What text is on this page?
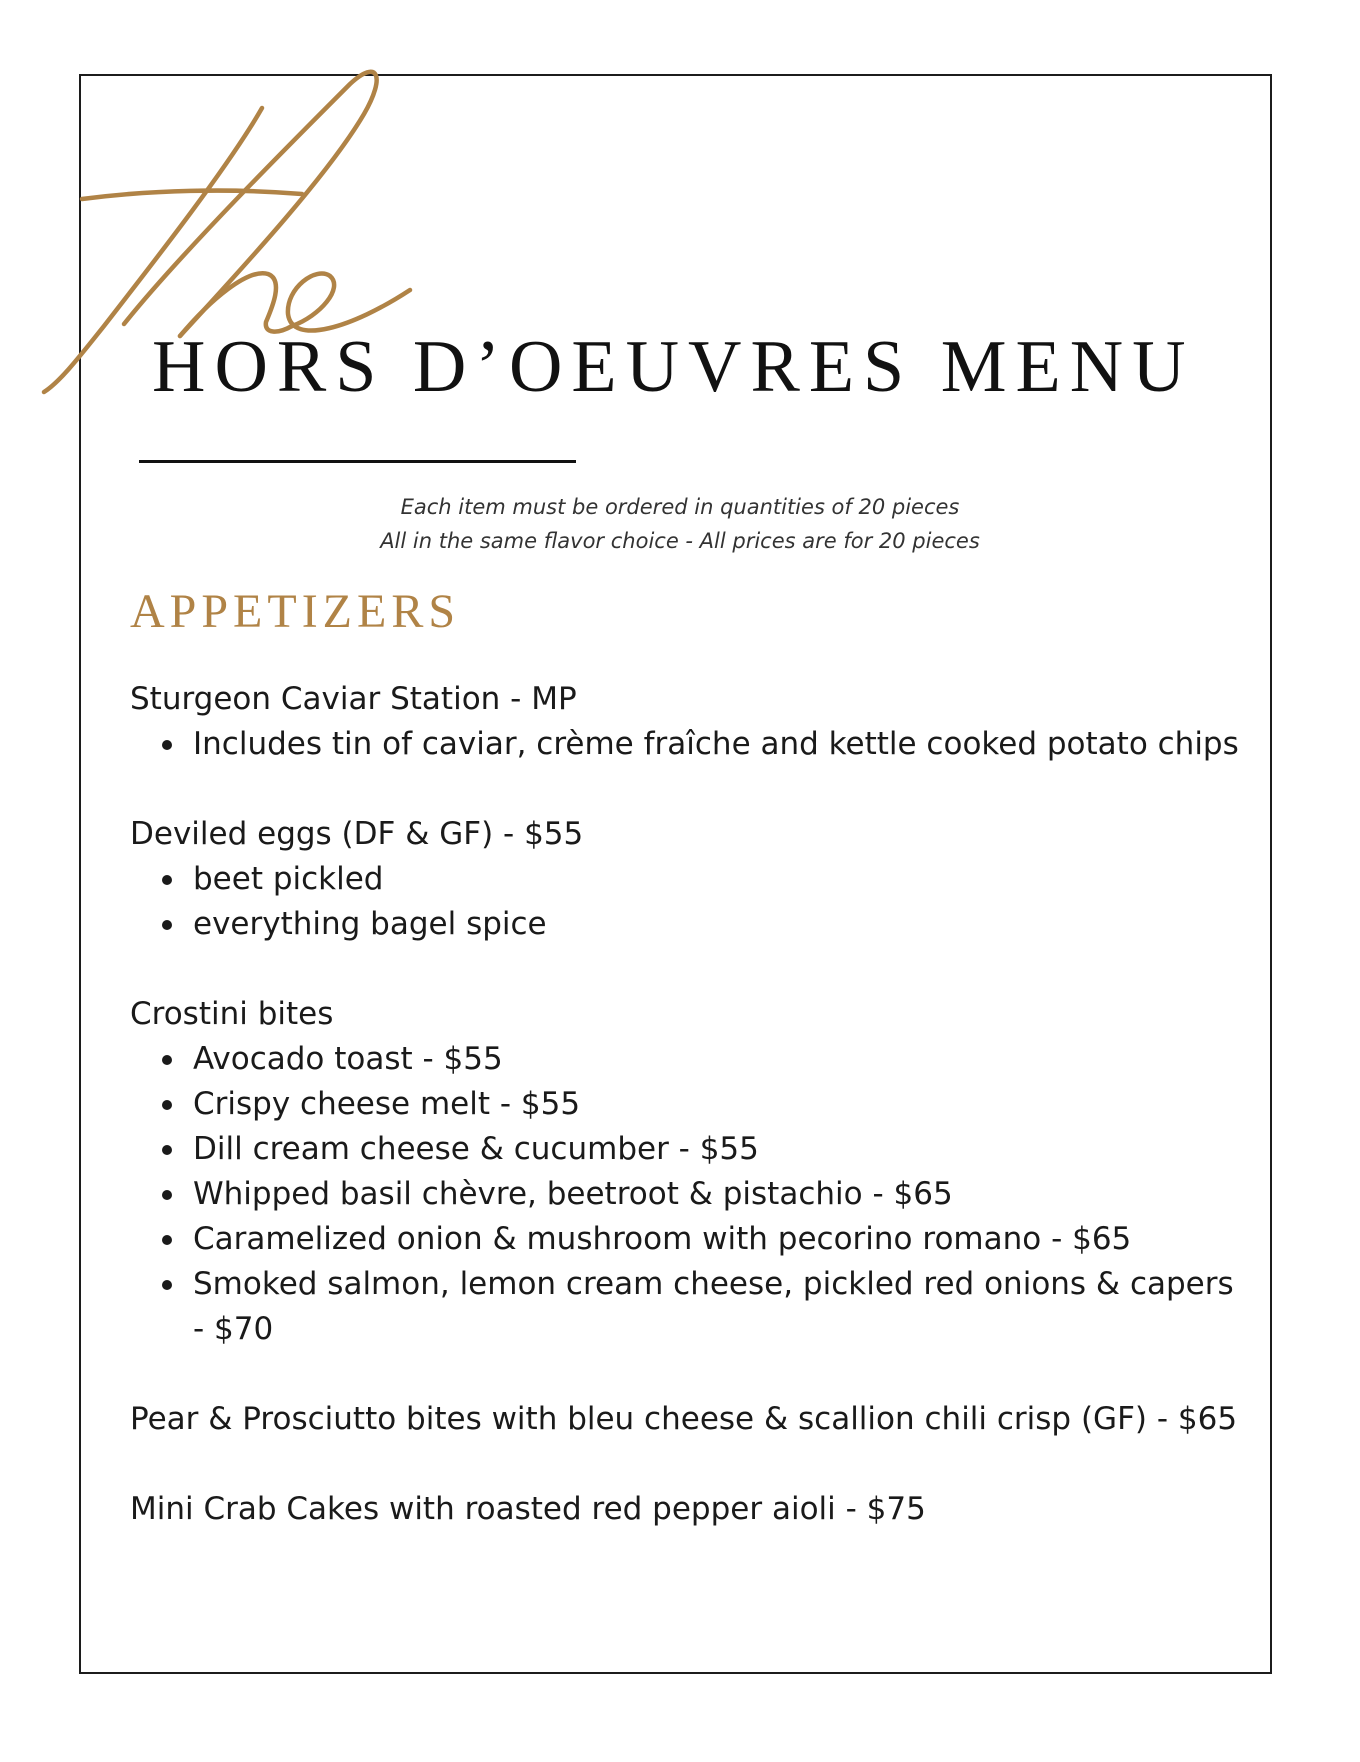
HORS D’OEUVRES MENU

Each item must be ordered in quantities of 20 pieces

All in the same flavor choice - All prices are for 20 pieces

APPETIZERS
Sturgeon Caviar Station - MP
Includes tin of caviar, crème fraîche and kettle cooked potato chips
Deviled eggs (DF & GF) - $55
beet pickled
everything bagel spice
Crostini bites
Avocado toast - $55
Crispy cheese melt - $55
Dill cream cheese & cucumber - $55
Whipped basil chèvre, beetroot & pistachio - $65
Caramelized onion & mushroom with pecorino romano - $65
Smoked salmon, lemon cream cheese, pickled red onions & capers - $70
Pear & Prosciutto bites with bleu cheese & scallion chili crisp (GF) - $65
Mini Crab Cakes with roasted red pepper aioli - $75
